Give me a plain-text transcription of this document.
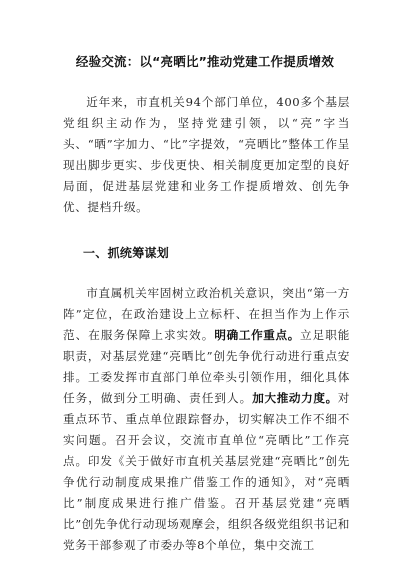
经验交流：以“亮晒比”推动党建工作提质增效

近年来，市直机关94个部门单位，400多个基层党组织主动作为，坚持党建引领，以“亮”字当头、“晒”字加力、“比”字提效，“亮晒比”整体工作呈现出脚步更实、步伐更快、相关制度更加定型的良好局面，促进基层党建和业务工作提质增效、创先争优、提档升级。

一、抓统筹谋划

市直属机关牢固树立政治机关意识，突出“第一方阵”定位，在政治建设上立标杆、在担当作为上作示范、在服务保障上求实效。明确工作重点。立足职能职责，对基层党建“亮晒比”创先争优行动进行重点安排。工委发挥市直部门单位牵头引领作用，细化具体任务，做到分工明确、责任到人。加大推动力度。对重点环节、重点单位跟踪督办，切实解决工作不细不实问题。召开会议，交流市直单位“亮晒比”工作亮点。印发《关于做好市直机关基层党建“亮晒比”创先争优行动制度成果推广借鉴工作的通知》，对“亮晒比”制度成果进行推广借鉴。召开基层党建“亮晒比”创先争优行动现场观摩会，组织各级党组织书记和党务干部参观了市委办等8个单位，集中交流工
